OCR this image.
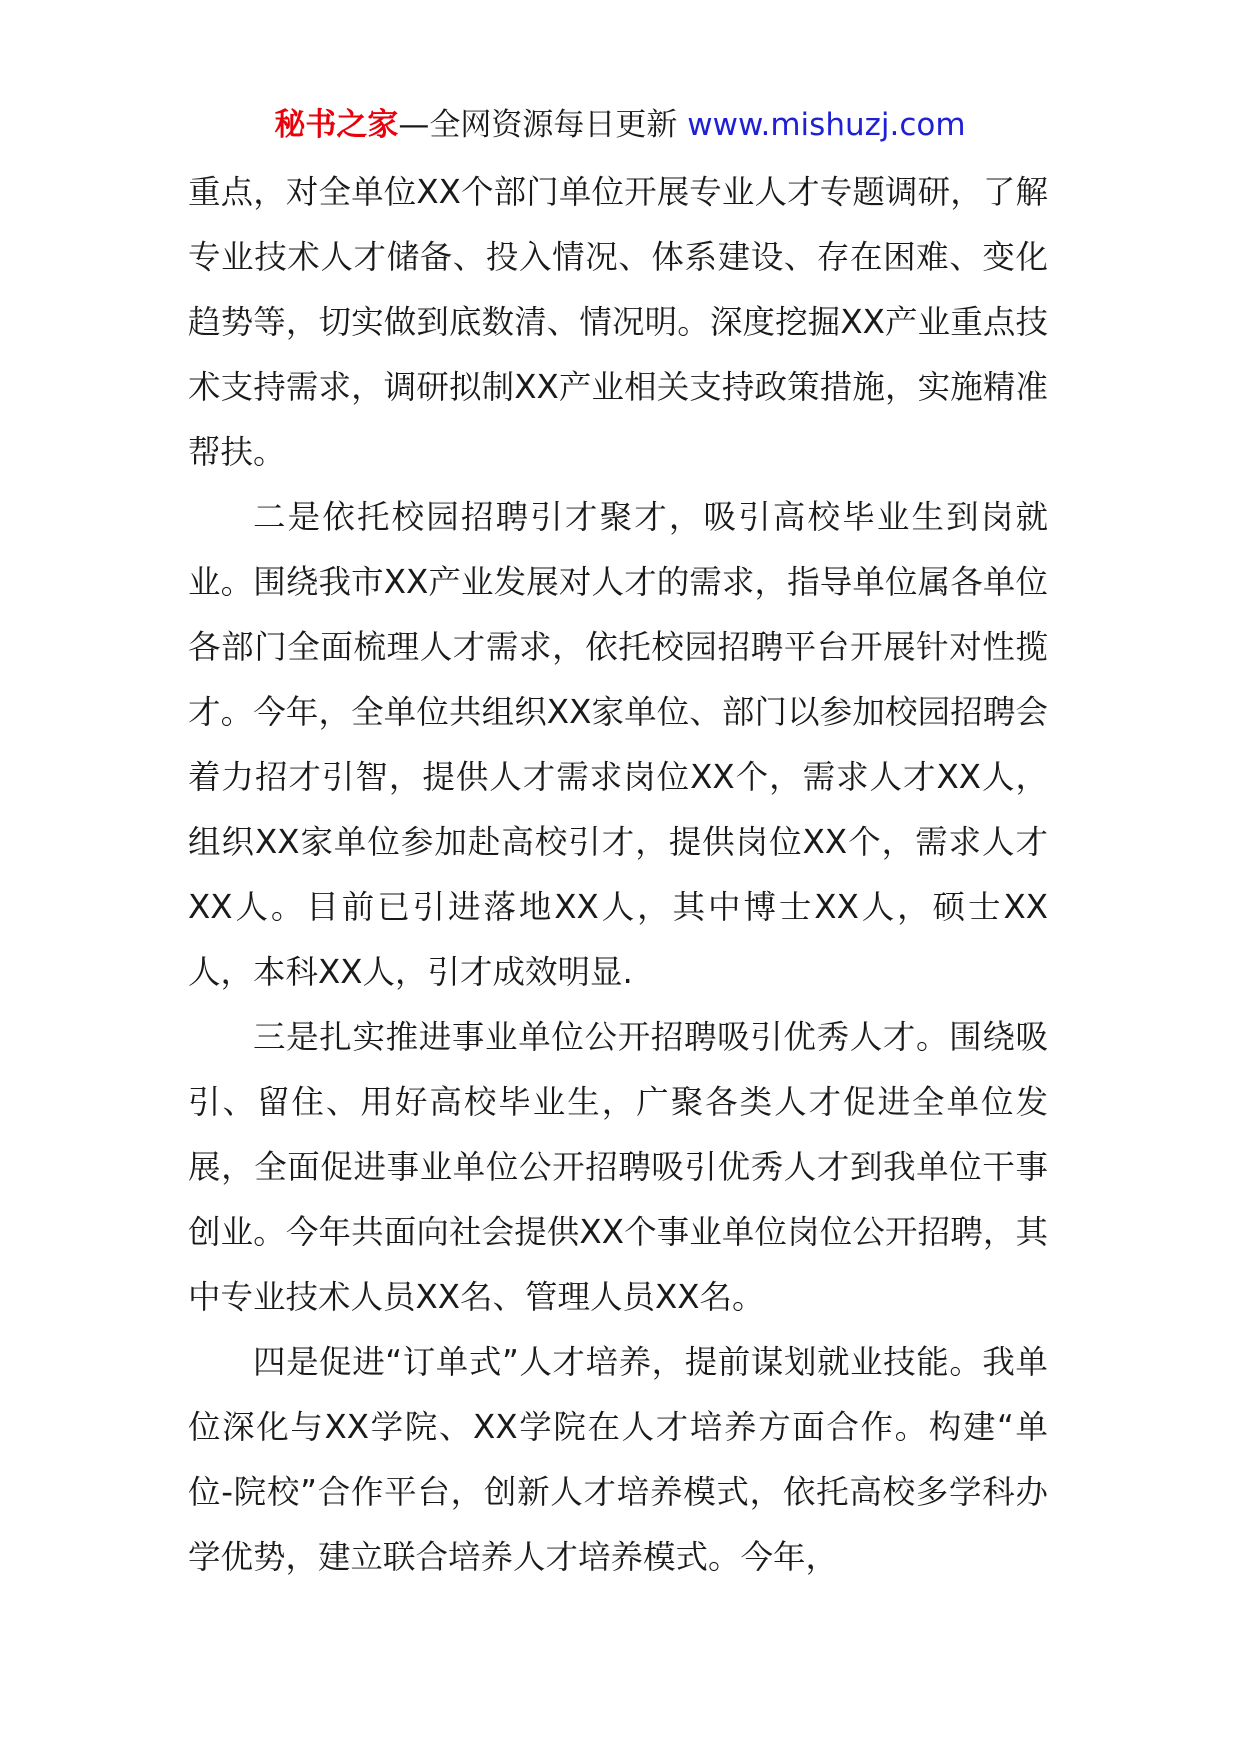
秘书之家—全网资源每日更新 www.mishuzj.com

重点，对全单位XX个部门单位开展专业人才专题调研，了解专业技术人才储备、投入情况、体系建设、存在困难、变化趋势等，切实做到底数清、情况明。深度挖掘XX产业重点技术支持需求，调研拟制XX产业相关支持政策措施，实施精准帮扶。

二是依托校园招聘引才聚才，吸引高校毕业生到岗就业。围绕我市XX产业发展对人才的需求，指导单位属各单位各部门全面梳理人才需求，依托校园招聘平台开展针对性揽才。今年，全单位共组织XX家单位、部门以参加校园招聘会着力招才引智，提供人才需求岗位XX个，需求人才XX人，组织XX家单位参加赴高校引才，提供岗位XX个，需求人才XX人。目前已引进落地XX人，其中博士XX人，硕士XX人，本科XX人，引才成效明显.

三是扎实推进事业单位公开招聘吸引优秀人才。围绕吸引、留住、用好高校毕业生，广聚各类人才促进全单位发展，全面促进事业单位公开招聘吸引优秀人才到我单位干事创业。今年共面向社会提供XX个事业单位岗位公开招聘，其中专业技术人员XX名、管理人员XX名。

四是促进“订单式”人才培养，提前谋划就业技能。我单位深化与XX学院、XX学院在人才培养方面合作。构建“单位-院校”合作平台，创新人才培养模式，依托高校多学科办学优势，建立联合培养人才培养模式。今年，
